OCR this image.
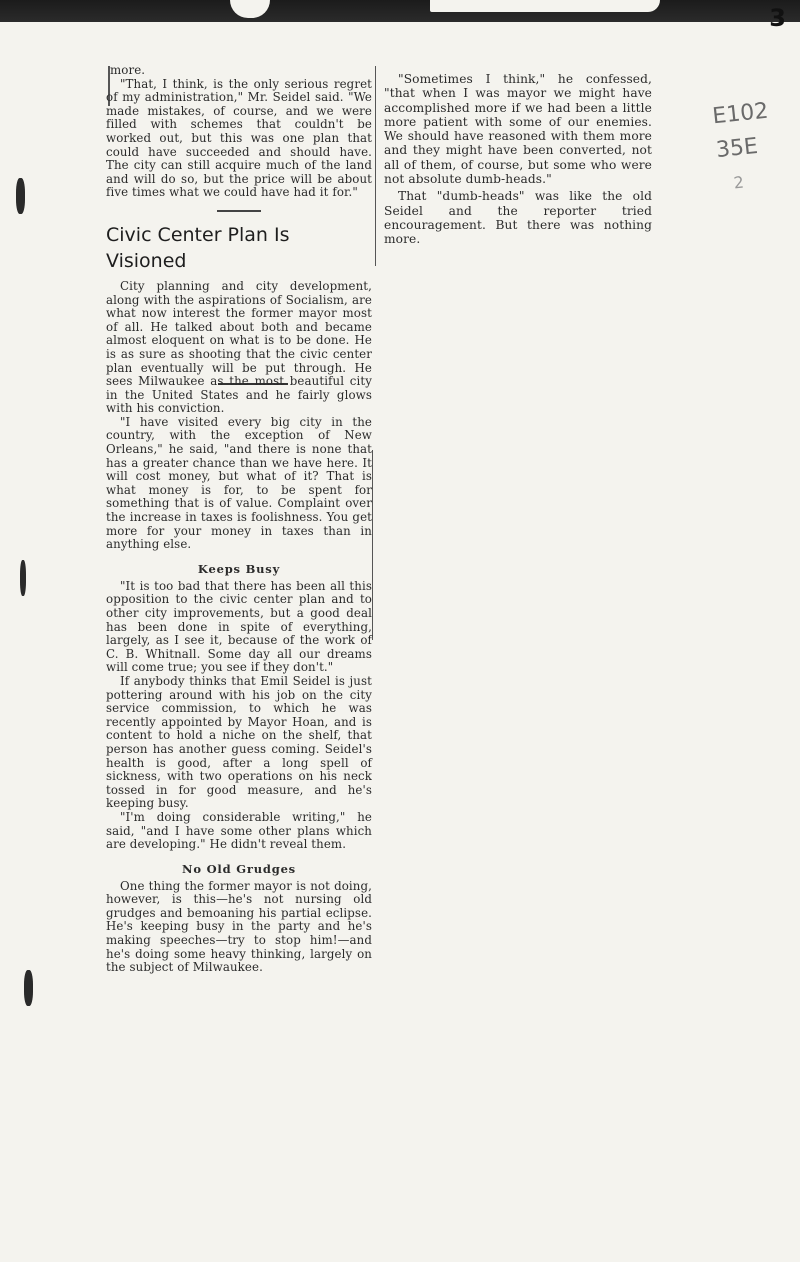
3
E102
35E
2

more.

"That, I think, is the only serious regret of my administration," Mr. Seidel said. "We made mistakes, of course, and we were filled with schemes that couldn't be worked out, but this was one plan that could have succeeded and should have. The city can still acquire much of the land and will do so, but the price will be about five times what we could have had it for."

Civic Center Plan Is Visioned

City planning and city development, along with the aspirations of Socialism, are what now interest the former mayor most of all. He talked about both and became almost eloquent on what is to be done. He is as sure as shooting that the civic center plan eventually will be put through. He sees Milwaukee as the most beautiful city in the United States and he fairly glows with his conviction.

"I have visited every big city in the country, with the exception of New Orleans," he said, "and there is none that has a greater chance than we have here. It will cost money, but what of it? That is what money is for, to be spent for something that is of value. Complaint over the increase in taxes is foolishness. You get more for your money in taxes than in anything else.

Keeps Busy

"It is too bad that there has been all this opposition to the civic center plan and to other city improvements, but a good deal has been done in spite of everything, largely, as I see it, because of the work of C. B. Whitnall. Some day all our dreams will come true; you see if they don't."

If anybody thinks that Emil Seidel is just pottering around with his job on the city service commission, to which he was recently appointed by Mayor Hoan, and is content to hold a niche on the shelf, that person has another guess coming. Seidel's health is good, after a long spell of sickness, with two operations on his neck tossed in for good measure, and he's keeping busy.

"I'm doing considerable writing," he said, "and I have some other plans which are developing." He didn't reveal them.

No Old Grudges

One thing the former mayor is not doing, however, is this—he's not nursing old grudges and bemoaning his partial eclipse. He's keeping busy in the party and he's making speeches—try to stop him!—and he's doing some heavy thinking, largely on the subject of Milwaukee.

"Sometimes I think," he confessed, "that when I was mayor we might have accomplished more if we had been a little more patient with some of our enemies. We should have reasoned with them more and they might have been converted, not all of them, of course, but some who were not absolute dumb-heads."

That "dumb-heads" was like the old Seidel and the reporter tried encouragement. But there was nothing more.
